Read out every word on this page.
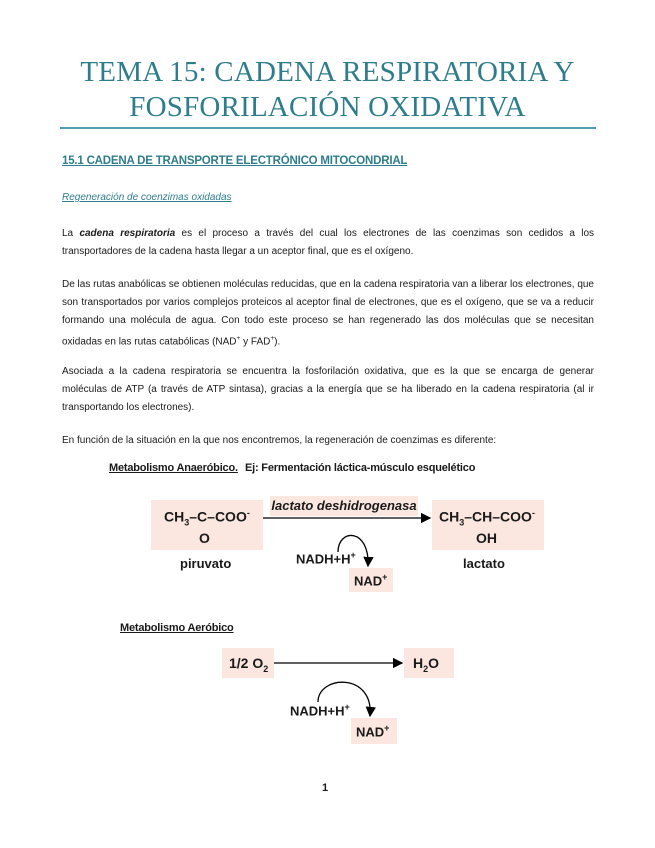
TEMA 15: CADENA RESPIRATORIA Y
FOSFORILACIÓN OXIDATIVA
15.1 CADENA DE TRANSPORTE ELECTRÓNICO MITOCONDRIAL
Regeneración de coenzimas oxidadas

La cadena respiratoria es el proceso a través del cual los electrones de las coenzimas son cedidos a los transportadores de la cadena hasta llegar a un aceptor final, que es el oxígeno.

De las rutas anabólicas se obtienen moléculas reducidas, que en la cadena respiratoria van a liberar los electrones, que son transportados por varios complejos proteicos al aceptor final de electrones, que es el oxígeno, que se va a reducir formando una molécula de agua. Con todo este proceso se han regenerado las dos moléculas que se necesitan oxidadas en las rutas catabólicas (NAD+ y FAD+).

Asociada a la cadena respiratoria se encuentra la fosforilación oxidativa, que es la que se encarga de generar moléculas de ATP (a través de ATP sintasa), gracias a la energía que se ha liberado en la cadena respiratoria (al ir transportando los electrones).

En función de la situación en la que nos encontremos, la regeneración de coenzimas es diferente:

Metabolismo Anaeróbico. Ej: Fermentación láctica-músculo esquelético
$CH_3-C-COO^-$
O
piruvato
lactato deshidrogenasa
$CH_3-CH-COO^-$
OH
lactato
NADH+H+
NAD+
Metabolismo Aeróbico
1/2 $O_2$	$H_2O$
NADH+H+
NAD+
1
